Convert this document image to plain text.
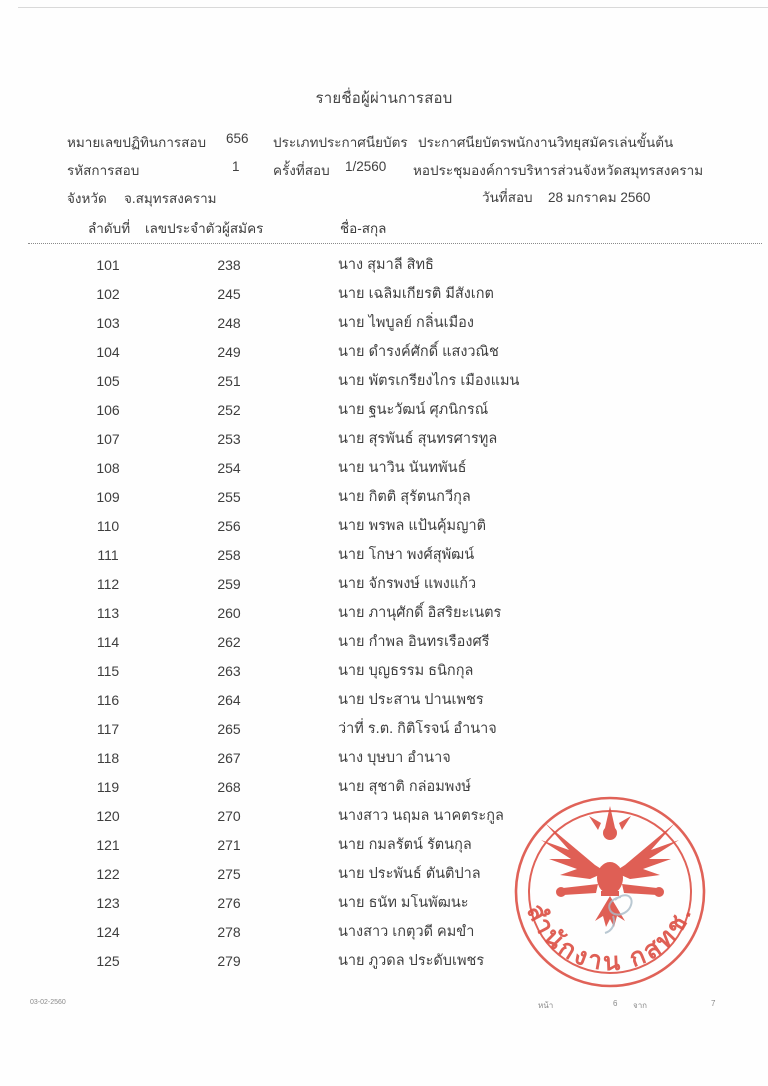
รายชื่อผู้ผ่านการสอบ
หมายเลขปฏิทินการสอบ 656 ประเภทประกาศนียบัตร ประกาศนียบัตรพนักงานวิทยุสมัครเล่นขั้นต้น
รหัสการสอบ	1 ครั้งที่สอบ 1/2560 หอประชุมองค์การบริหารส่วนจังหวัดสมุทรสงคราม
จังหวัด จ.สมุทรสงคราม	วันที่สอบ 28 มกราคม 2560
ลำดับที่ เลขประจำตัวผู้สมัคร	ชื่อ-สกุล
101	238	นาง สุมาลี สิทธิ
102	245	นาย เฉลิมเกียรติ มีสังเกต
103	248	นาย ไพบูลย์ กลิ่นเมือง
104	249	นาย ดำรงค์ศักดิ์ แสงวณิช
105	251	นาย พัตรเกรียงไกร เมืองแมน
106	252	นาย ฐนะวัฒน์ ศุภนิกรณ์
107	253	นาย สุรพันธ์ สุนทรศารทูล
108	254	นาย นาวิน นันทพันธ์
109	255	นาย กิตติ สุรัตนกวีกุล
110	256	นาย พรพล แป้นคุ้มญาติ
111	258	นาย โกษา พงศ์สุพัฒน์
112	259	นาย จักรพงษ์ แพงแก้ว
113	260	นาย ภานุศักดิ์ อิสริยะเนตร
114	262	นาย กำพล อินทรเรืองศรี
115	263	นาย บุญธรรม ธนิกกุล
116	264	นาย ประสาน ปานเพชร
117	265	ว่าที่ ร.ต. กิติโรจน์ อำนาจ
118	267	นาง บุษบา อำนาจ
119	268	นาย สุชาติ กล่อมพงษ์
120	270	นางสาว นฤมล นาคตระกูล
121	271	นาย กมลรัตน์ รัตนกุล
122	275	นาย ประพันธ์ ตันติปาล
123	276	นาย ธนัท มโนพัฒนะ
124	278	นางสาว เกตุวดี คมขำ
125	279	นาย ภูวดล ประดับเพชร
สำนักงาน กสทช.
03-02-2560	หน้า	6 จาก	7
